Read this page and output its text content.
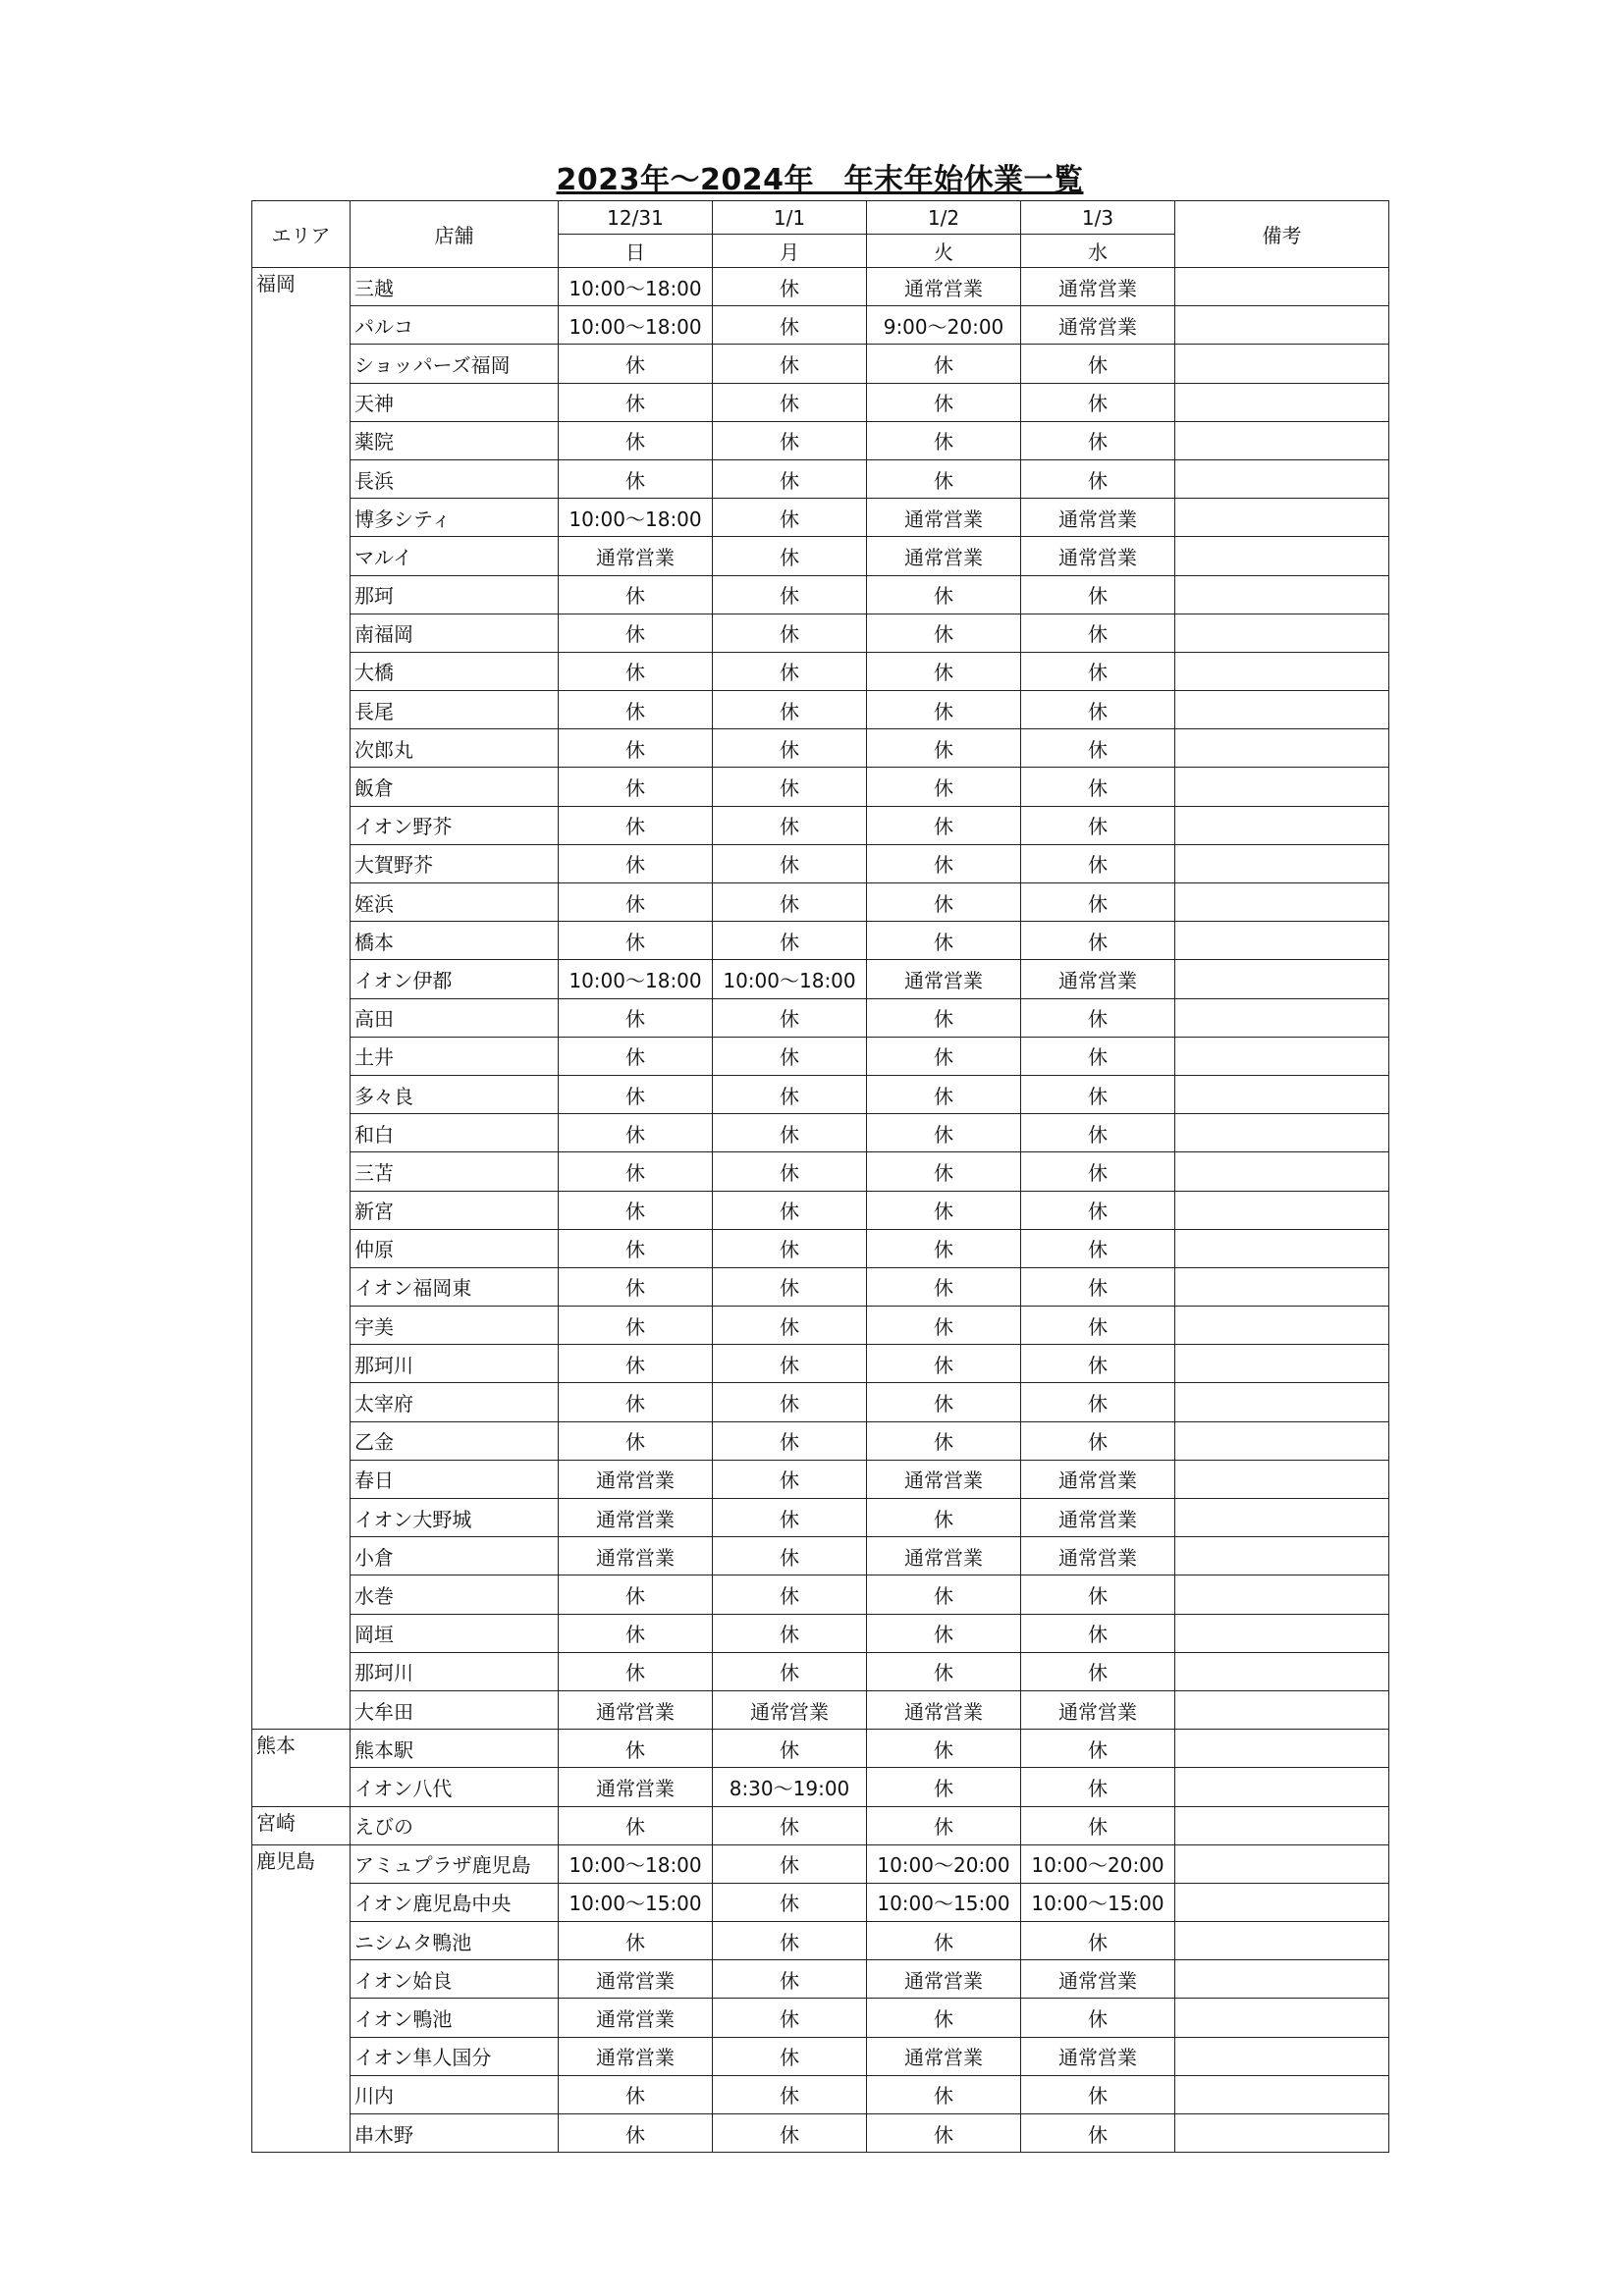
2023年～2024年　年末年始休業一覧
エリア	店舗	12/31	1/1	1/2	1/3	備考
		日	月	火	水	
福岡	三越	10:00～18:00	休	通常営業	通常営業	
	パルコ	10:00～18:00	休	9:00～20:00	通常営業	
	ショッパーズ福岡	休	休	休	休	
	天神	休	休	休	休	
	薬院	休	休	休	休	
	長浜	休	休	休	休	
	博多シティ	10:00～18:00	休	通常営業	通常営業	
	マルイ	通常営業	休	通常営業	通常営業	
	那珂	休	休	休	休	
	南福岡	休	休	休	休	
	大橋	休	休	休	休	
	長尾	休	休	休	休	
	次郎丸	休	休	休	休	
	飯倉	休	休	休	休	
	イオン野芥	休	休	休	休	
	大賀野芥	休	休	休	休	
	姪浜	休	休	休	休	
	橋本	休	休	休	休	
	イオン伊都	10:00～18:00	10:00～18:00	通常営業	通常営業	
	高田	休	休	休	休	
	土井	休	休	休	休	
	多々良	休	休	休	休	
	和白	休	休	休	休	
	三苫	休	休	休	休	
	新宮	休	休	休	休	
	仲原	休	休	休	休	
	イオン福岡東	休	休	休	休	
	宇美	休	休	休	休	
	那珂川	休	休	休	休	
	太宰府	休	休	休	休	
	乙金	休	休	休	休	
	春日	通常営業	休	通常営業	通常営業	
	イオン大野城	通常営業	休	休	通常営業	
	小倉	通常営業	休	通常営業	通常営業	
	水巻	休	休	休	休	
	岡垣	休	休	休	休	
	那珂川	休	休	休	休	
	大牟田	通常営業	通常営業	通常営業	通常営業	
熊本	熊本駅	休	休	休	休	
	イオン八代	通常営業	8:30～19:00	休	休	
宮崎	えびの	休	休	休	休	
鹿児島	アミュプラザ鹿児島	10:00～18:00	休	10:00～20:00	10:00～20:00	
	イオン鹿児島中央	10:00～15:00	休	10:00～15:00	10:00～15:00	
	ニシムタ鴨池	休	休	休	休	
	イオン姶良	通常営業	休	通常営業	通常営業	
	イオン鴨池	通常営業	休	休	休	
	イオン隼人国分	通常営業	休	通常営業	通常営業	
	川内	休	休	休	休	
	串木野	休	休	休	休	
